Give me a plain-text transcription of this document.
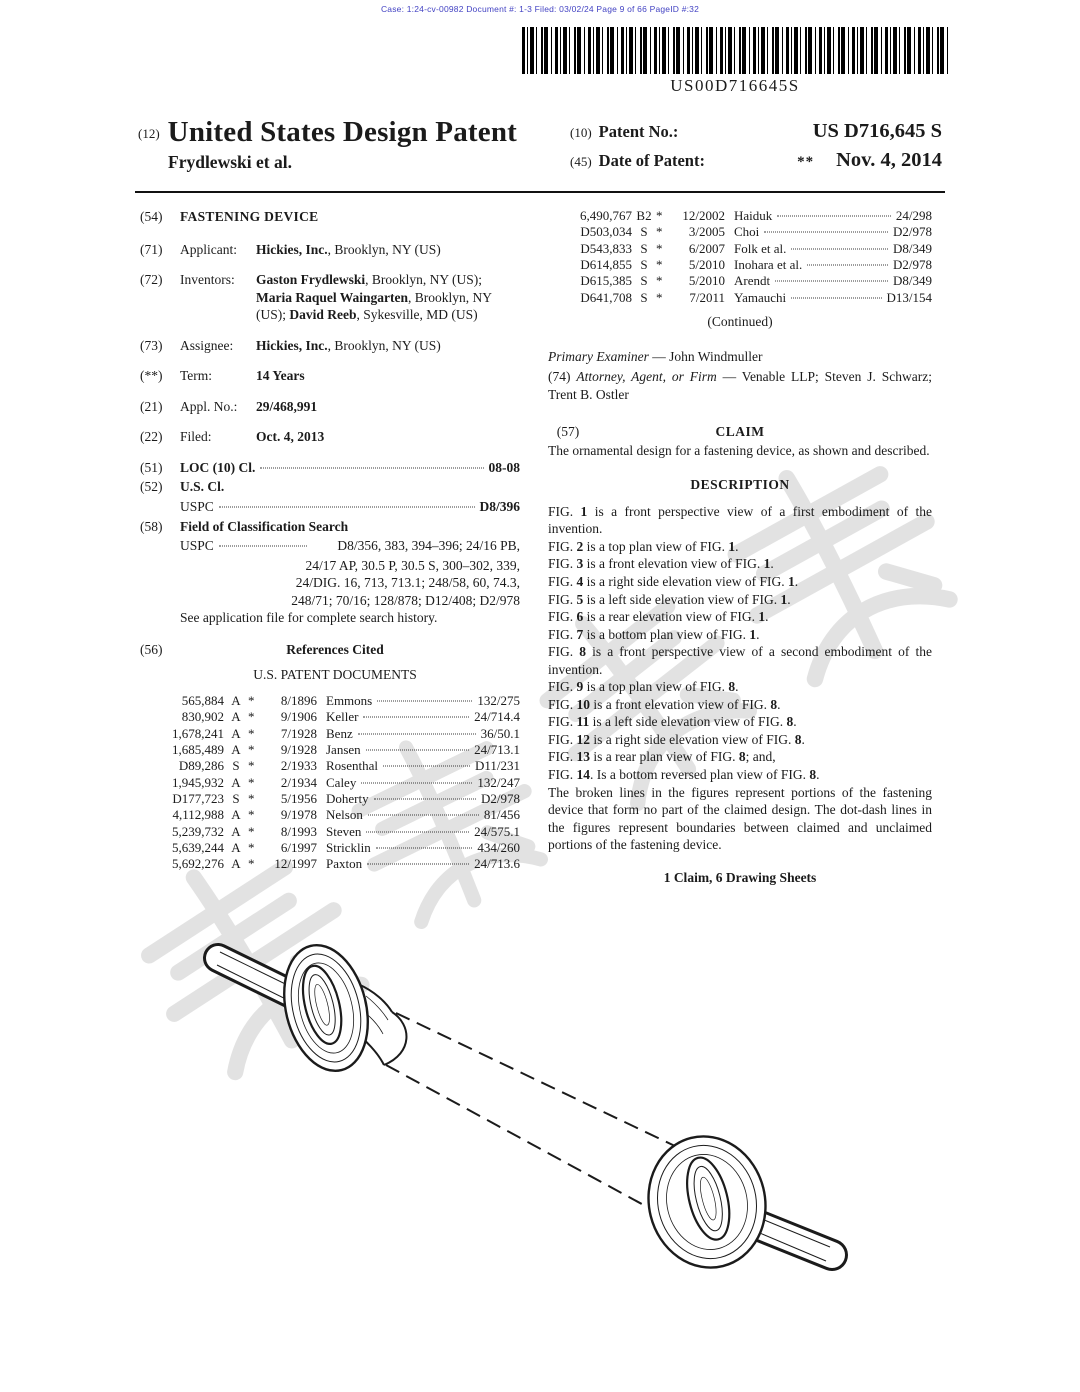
Case: 1:24-cv-00982 Document #: 1-3 Filed: 03/02/24 Page 9 of 66 PageID #:32
US00D716645S
(12) United States Design Patent
Frydlewski et al.
(10) Patent No.:	US D716,645 S
(45) Date of Patent:	** Nov. 4, 2014
(54)	FASTENING DEVICE
(71)	Applicant:	Hickies, Inc., Brooklyn, NY (US)
(72)	Inventors:	Gaston Frydlewski, Brooklyn, NY (US); Maria Raquel Waingarten, Brooklyn, NY (US); David Reeb, Sykesville, MD (US)
(73)	Assignee:	Hickies, Inc., Brooklyn, NY (US)
(**)	Term:	14 Years
(21)	Appl. No.:	29/468,991
(22)	Filed:	Oct. 4, 2013
(51)	LOC (10) Cl.	08-08
(52)	U.S. Cl.
USPC	D8/396
(58)	Field of Classification Search
USPC	D8/356, 383, 394–396; 24/16 PB,
24/17 AP, 30.5 P, 30.5 S, 300–302, 339,
24/DIG. 16, 713, 713.1; 248/58, 60, 74.3,
248/71; 70/16; 128/878; D12/408; D2/978
See application file for complete search history.
(56)	References Cited
U.S. PATENT DOCUMENTS
565,884 A *	8/1896 Emmons	132/275
830,902 A *	9/1906 Keller	24/714.4
1,678,241 A *	7/1928 Benz	36/50.1
1,685,489 A *	9/1928 Jansen	24/713.1
D89,286 S *	2/1933 Rosenthal	D11/231
1,945,932 A *	2/1934 Caley	132/247
D177,723 S *	5/1956 Doherty	D2/978
4,112,988 A *	9/1978 Nelson	81/456
5,239,732 A *	8/1993 Steven	24/575.1
5,639,244 A *	6/1997 Stricklin	434/260
5,692,276 A *	12/1997 Paxton	24/713.6
6,490,767 B2 *	12/2002 Haiduk	24/298
D503,034 S *	3/2005 Choi	D2/978
D543,833 S *	6/2007 Folk et al.	D8/349
D614,855 S *	5/2010 Inohara et al.	D2/978
D615,385 S *	5/2010 Arendt	D8/349
D641,708 S *	7/2011 Yamauchi	D13/154
(Continued)
Primary Examiner — John Windmuller
(74) Attorney, Agent, or Firm — Venable LLP; Steven J. Schwarz; Trent B. Ostler
(57)	CLAIM
The ornamental design for a fastening device, as shown and described.
DESCRIPTION

FIG. 1 is a front perspective view of a first embodiment of the invention.

FIG. 2 is a top plan view of FIG. 1.

FIG. 3 is a front elevation view of FIG. 1.

FIG. 4 is a right side elevation view of FIG. 1.

FIG. 5 is a left side elevation view of FIG. 1.

FIG. 6 is a rear elevation view of FIG. 1.

FIG. 7 is a bottom plan view of FIG. 1.

FIG. 8 is a front perspective view of a second embodiment of the invention.

FIG. 9 is a top plan view of FIG. 8.

FIG. 10 is a front elevation view of FIG. 8.

FIG. 11 is a left side elevation view of FIG. 8.

FIG. 12 is a right side elevation view of FIG. 8.

FIG. 13 is a rear plan view of FIG. 8; and,

FIG. 14. Is a bottom reversed plan view of FIG. 8.

The broken lines in the figures represent portions of the fastening device that form no part of the claimed design. The dot-dash lines in the figures represent boundaries between claimed and unclaimed portions of the fastening device.
1 Claim, 6 Drawing Sheets
